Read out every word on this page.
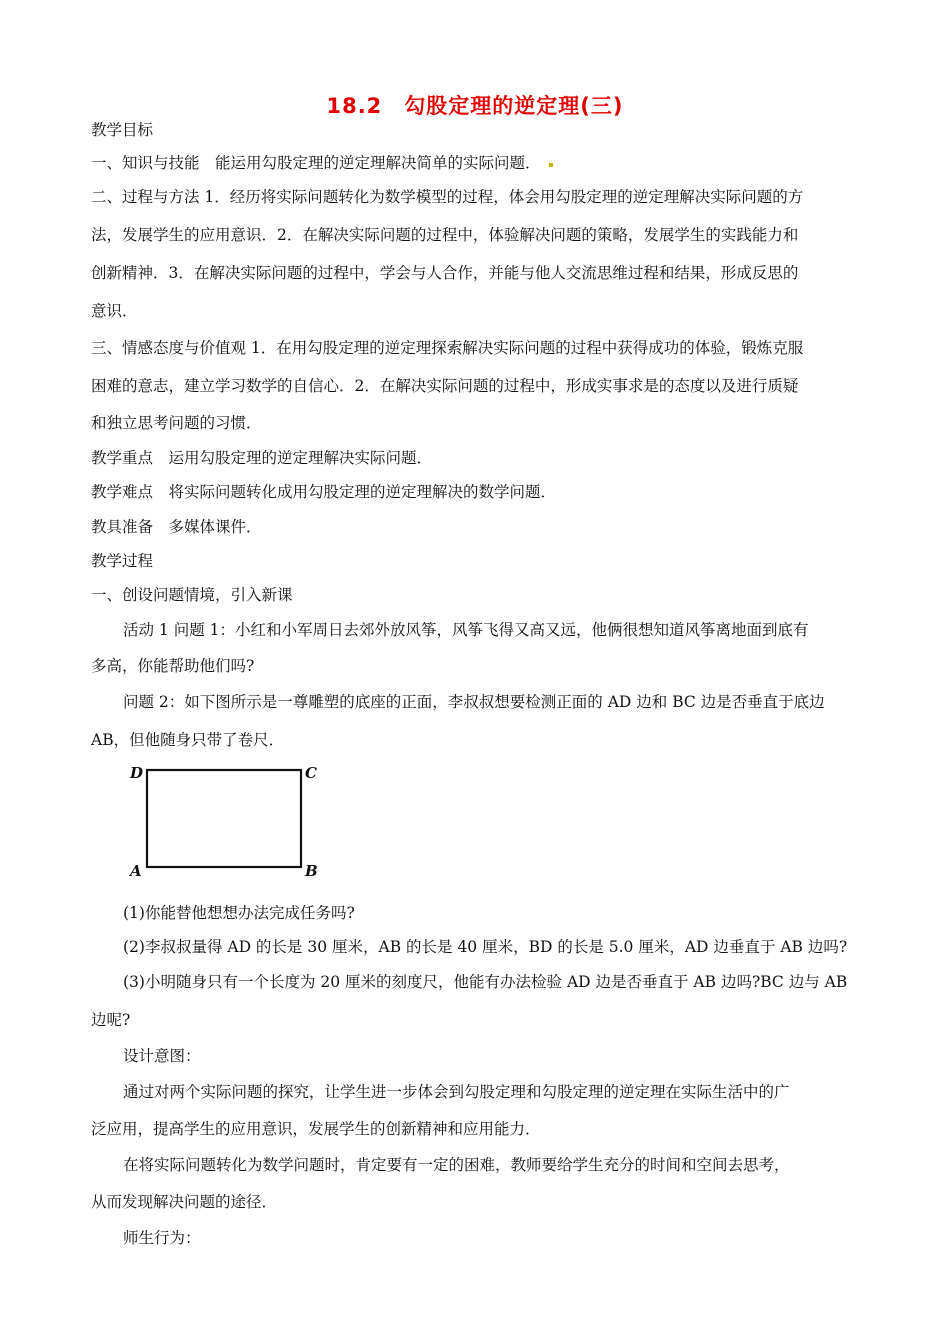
18.2　勾股定理的逆定理(三)
教学目标
一、知识与技能　能运用勾股定理的逆定理解决简单的实际问题．
二、过程与方法 1．经历将实际问题转化为数学模型的过程，体会用勾股定理的逆定理解决实际问题的方
法，发展学生的应用意识．2．在解决实际问题的过程中，体验解决问题的策略，发展学生的实践能力和
创新精神．3．在解决实际问题的过程中，学会与人合作，并能与他人交流思维过程和结果，形成反思的
意识．
三、情感态度与价值观 1．在用勾股定理的逆定理探索解决实际问题的过程中获得成功的体验，锻炼克服
困难的意志，建立学习数学的自信心．2．在解决实际问题的过程中，形成实事求是的态度以及进行质疑
和独立思考问题的习惯．
教学重点　运用勾股定理的逆定理解决实际问题．
教学难点　将实际问题转化成用勾股定理的逆定理解决的数学问题．
教具准备　多媒体课件．
教学过程
一、创设问题情境，引入新课
活动 1 问题 1：小红和小军周日去郊外放风筝，风筝飞得又高又远，他俩很想知道风筝离地面到底有
多高，你能帮助他们吗?
问题 2：如下图所示是一尊雕塑的底座的正面，李叔叔想要检测正面的 AD 边和 BC 边是否垂直于底边
AB，但他随身只带了卷尺．
D	C
A	B
(1)你能替他想想办法完成任务吗?
(2)李叔叔量得 AD 的长是 30 厘米，AB 的长是 40 厘米，BD 的长是 5.0 厘米，AD 边垂直于 AB 边吗?
(3)小明随身只有一个长度为 20 厘米的刻度尺，他能有办法检验 AD 边是否垂直于 AB 边吗?BC 边与 AB
边呢?
设计意图：
通过对两个实际问题的探究，让学生进一步体会到勾股定理和勾股定理的逆定理在实际生活中的广
泛应用，提高学生的应用意识，发展学生的创新精神和应用能力．
在将实际问题转化为数学问题时，肯定要有一定的困难，教师要给学生充分的时间和空间去思考，
从而发现解决问题的途径．
师生行为：
